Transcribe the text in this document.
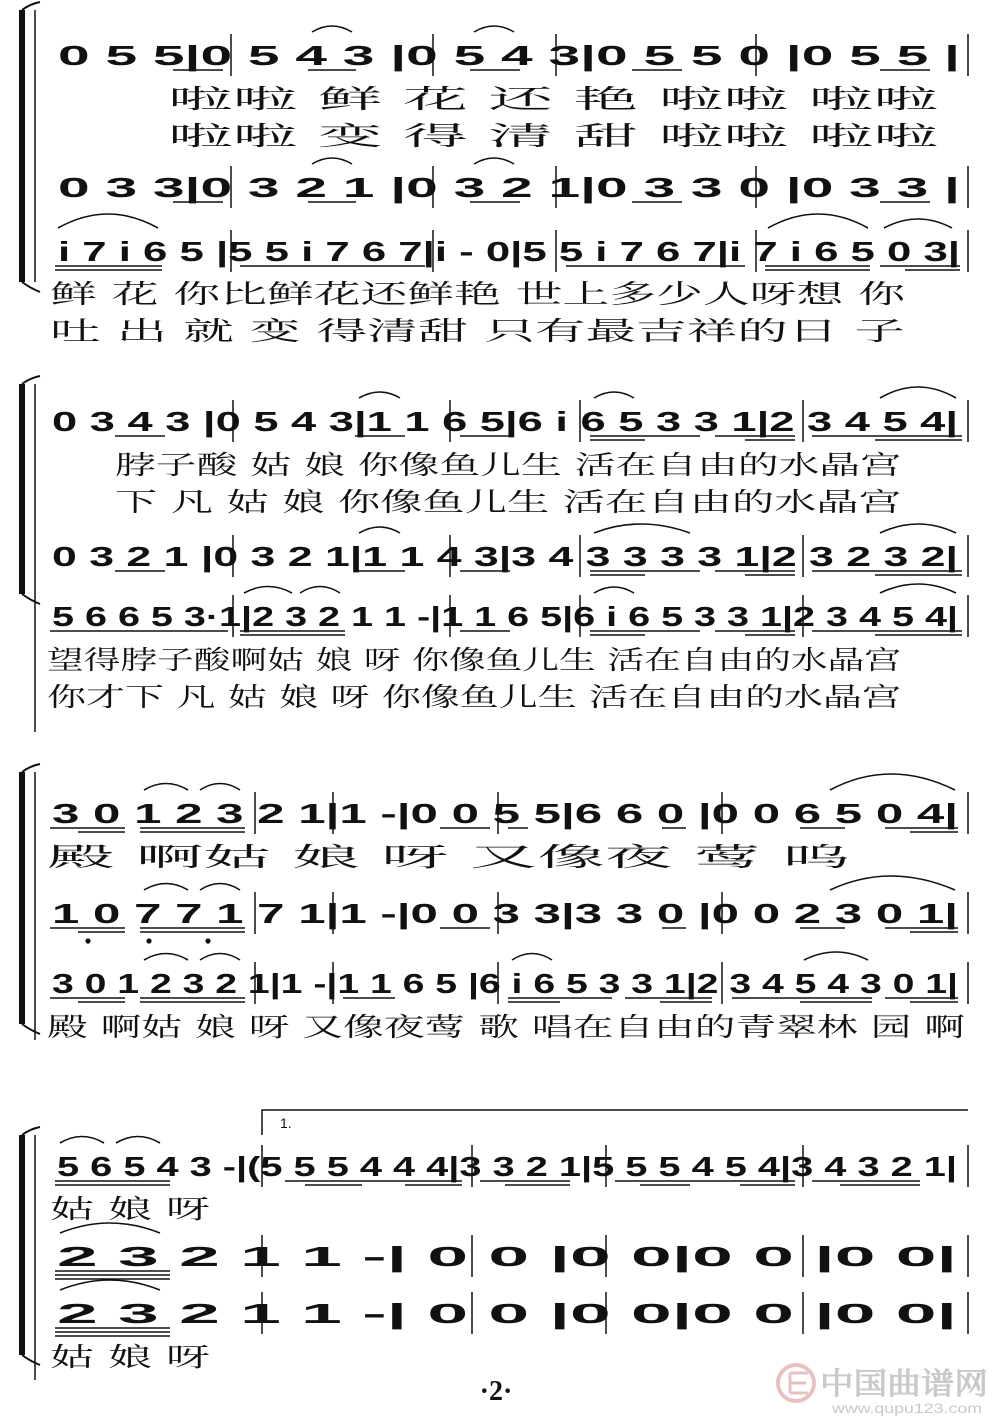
0 5 5|0 5 4 3 |0 5 4 3|0 5 5 0 |0 5 5 |
啦啦 鲜 花 还 艳 啦啦 啦啦
啦啦 变 得 清 甜 啦啦 啦啦
0 3 3|0 3 2 1 |0 3 2 1|0 3 3 0 |0 3 3 |
i 7 i 6 5 |5 5 i 7 6 7|i - 0|5 5 i 7 6 7|i 7 i 6 5 0 3|
鲜 花 你比鲜花还鲜艳 世上多少人呀想 你
吐 出 就 变 得清甜 只有最吉祥的日 子
0 3 4 3 |0 5 4 3|1 1 6 5|6 i 6 5 3 3 1|2 3 4 5 4|
脖子酸 姑 娘 你像鱼儿生 活在自由的水晶宫
下 凡 姑 娘 你像鱼儿生 活在自由的水晶宫
0 3 2 1 |0 3 2 1|1 1 4 3|3 4 3 3 3 3 1|2 3 2 3 2|
5 6 6 5 3·1|2 3 2 1 1 -|1 1 6 5|6 i 6 5 3 3 1|2 3 4 5 4|
望得脖子酸啊姑 娘 呀 你像鱼儿生 活在自由的水晶宫
你才下 凡 姑 娘 呀 你像鱼儿生 活在自由的水晶宫
3 0 1 2 3 2 1|1 -|0 0 5 5|6 6 0 |0 0 6 5 0 4|
殿 啊姑 娘 呀 又像夜 莺 呜
1 0 7 7 1 7 1|1 -|0 0 3 3|3 3 0 |0 0 2 3 0 1|
3 0 1 2 3 2 1|1 -|1 1 6 5 |6 i 6 5 3 3 1|2 3 4 5 4 3 0 1|
殿 啊姑 娘 呀 又像夜莺 歌 唱在自由的青翠林 园 啊
1.
5 6 5 4 3 -|(5 5 5 4 4 4|3 3 2 1|5 5 5 4 5 4|3 4 3 2 1|
姑 娘 呀
2 3 2 1 1 -| 0 0 |0 0|0 0 |0 0|
2 3 2 1 1 -| 0 0 |0 0|0 0 |0 0|
姑 娘 呀
·2·	中国曲谱网
www.qupu123.com
